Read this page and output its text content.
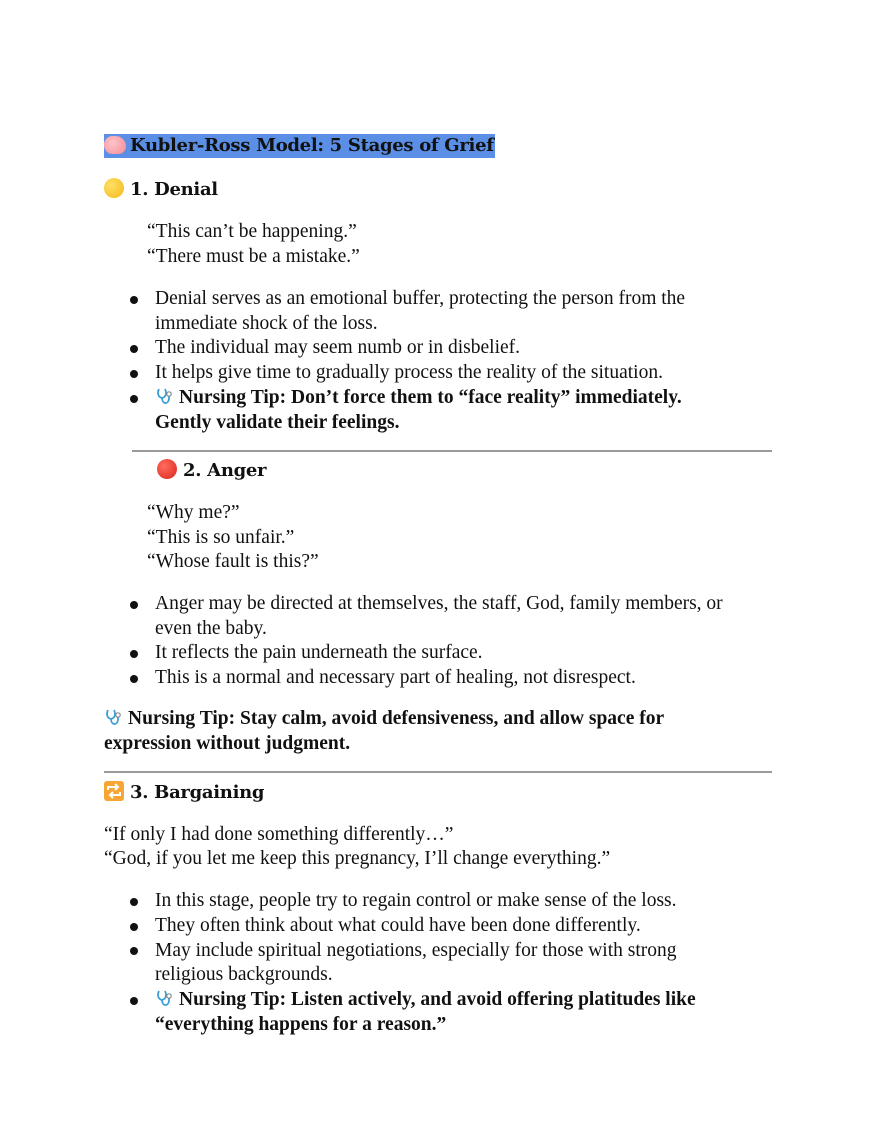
Kubler-Ross Model: 5 Stages of Grief
1. Denial
“This can’t be happening.”
“There must be a mistake.”
Denial serves as an emotional buffer, protecting the person from the
immediate shock of the loss.
The individual may seem numb or in disbelief.
It helps give time to gradually process the reality of the situation.
Nursing Tip: Don’t force them to “face reality” immediately.
Gently validate their feelings.
2. Anger
“Why me?”
“This is so unfair.”
“Whose fault is this?”
Anger may be directed at themselves, the staff, God, family members, or
even the baby.
It reflects the pain underneath the surface.
This is a normal and necessary part of healing, not disrespect.
Nursing Tip: Stay calm, avoid defensiveness, and allow space for
expression without judgment.
3. Bargaining
“If only I had done something differently…”
“God, if you let me keep this pregnancy, I’ll change everything.”
In this stage, people try to regain control or make sense of the loss.
They often think about what could have been done differently.
May include spiritual negotiations, especially for those with strong
religious backgrounds.
Nursing Tip: Listen actively, and avoid offering platitudes like
“everything happens for a reason.”
